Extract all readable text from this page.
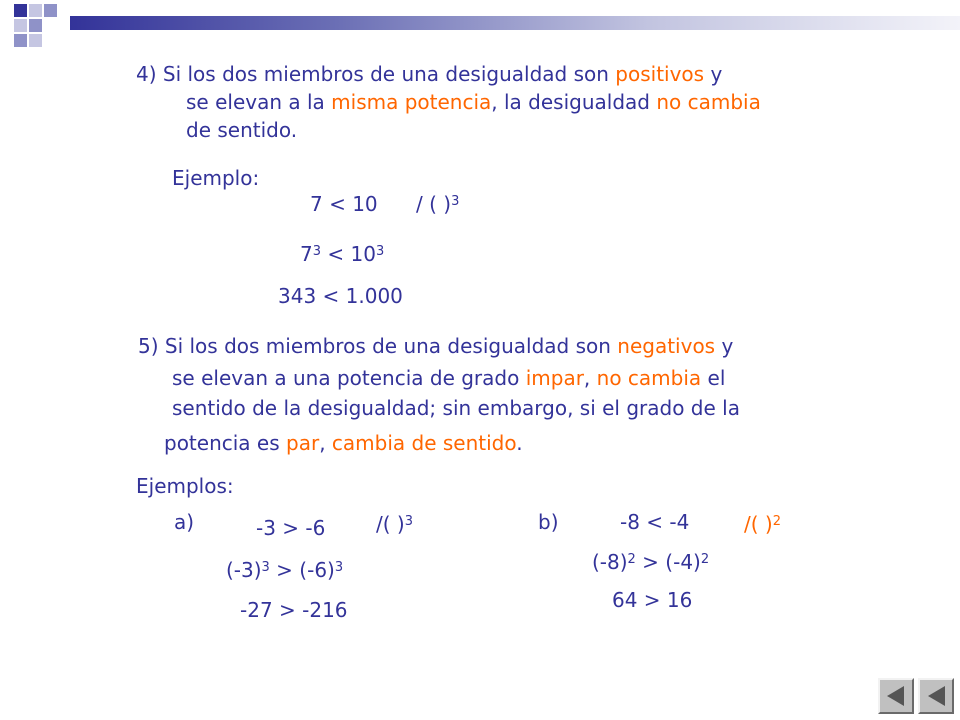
4) Si los dos miembros de una desigualdad son positivos y
se elevan a la misma potencia, la desigualdad no cambia
de sentido.
Ejemplo:
7 < 10 / ( )$^3$
$7^3 < 10^3$
343 < 1.000
5) Si los dos miembros de una desigualdad son negativos y
se elevan a una potencia de grado impar, no cambia el
sentido de la desigualdad; sin embargo, si el grado de la
potencia es par, cambia de sentido.
Ejemplos:
a)	-3 > -6	/( )$^3$
$(-3)^3 > (-6)^3$
-27 > -216
b)	-8 < -4	/( )$^2$
$(-8)^2 > (-4)^2$
64 > 16
